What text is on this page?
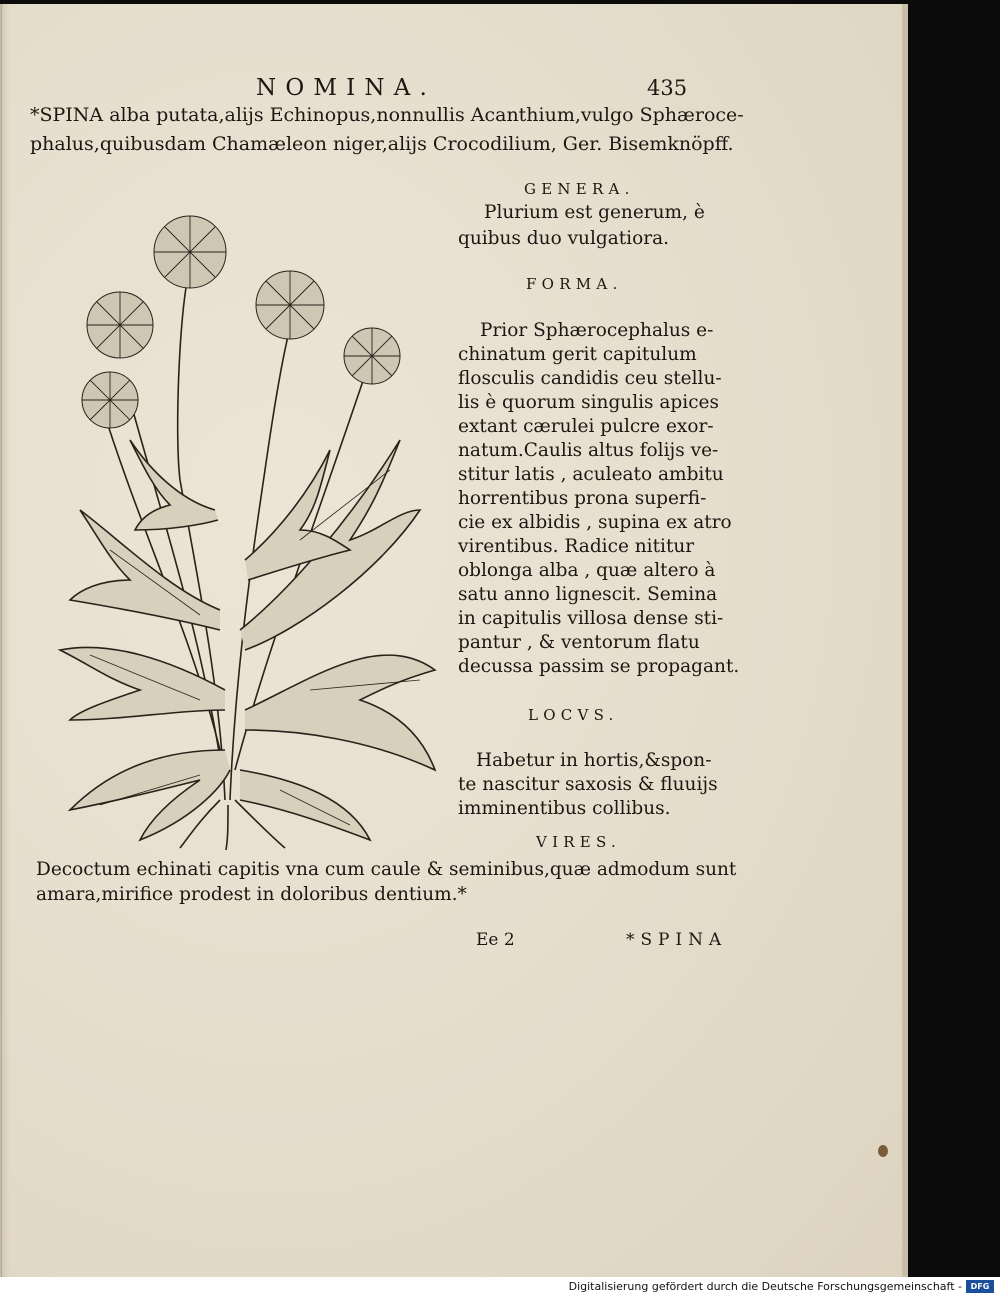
NOMINA.	435
*SPINA alba putata,alijs Echinopus,nonnullis Acanthium,vulgo Sphæroce-
phalus,quibusdam Chamæleon niger,alijs Crocodilium, Ger. Bisemknöpff.
GENERA.
Plurium est generum, è
quibus duo vulgatiora.
FORMA.
Prior Sphærocephalus e-
chinatum gerit capitulum
flosculis candidis ceu stellu-
lis è quorum singulis apices
extant cærulei pulcre exor-
natum.Caulis altus folijs ve-
stitur latis , aculeato ambitu
horrentibus prona superfi-
cie ex albidis , supina ex atro
virentibus. Radice nititur
oblonga alba , quæ altero à
satu anno lignescit. Semina
in capitulis villosa dense sti-
pantur , & ventorum flatu
decussa passim se propagant.
LOCVS.
Habetur in hortis,&spon-
te nascitur saxosis & fluuijs
imminentibus collibus.
VIRES.
Decoctum echinati capitis vna cum caule & seminibus,quæ admodum sunt
amara,mirifice prodest in doloribus dentium.*
Ee 2	*SPINA
Digitalisierung gefördert durch die Deutsche Forschungsgemeinschaft -	DFG
